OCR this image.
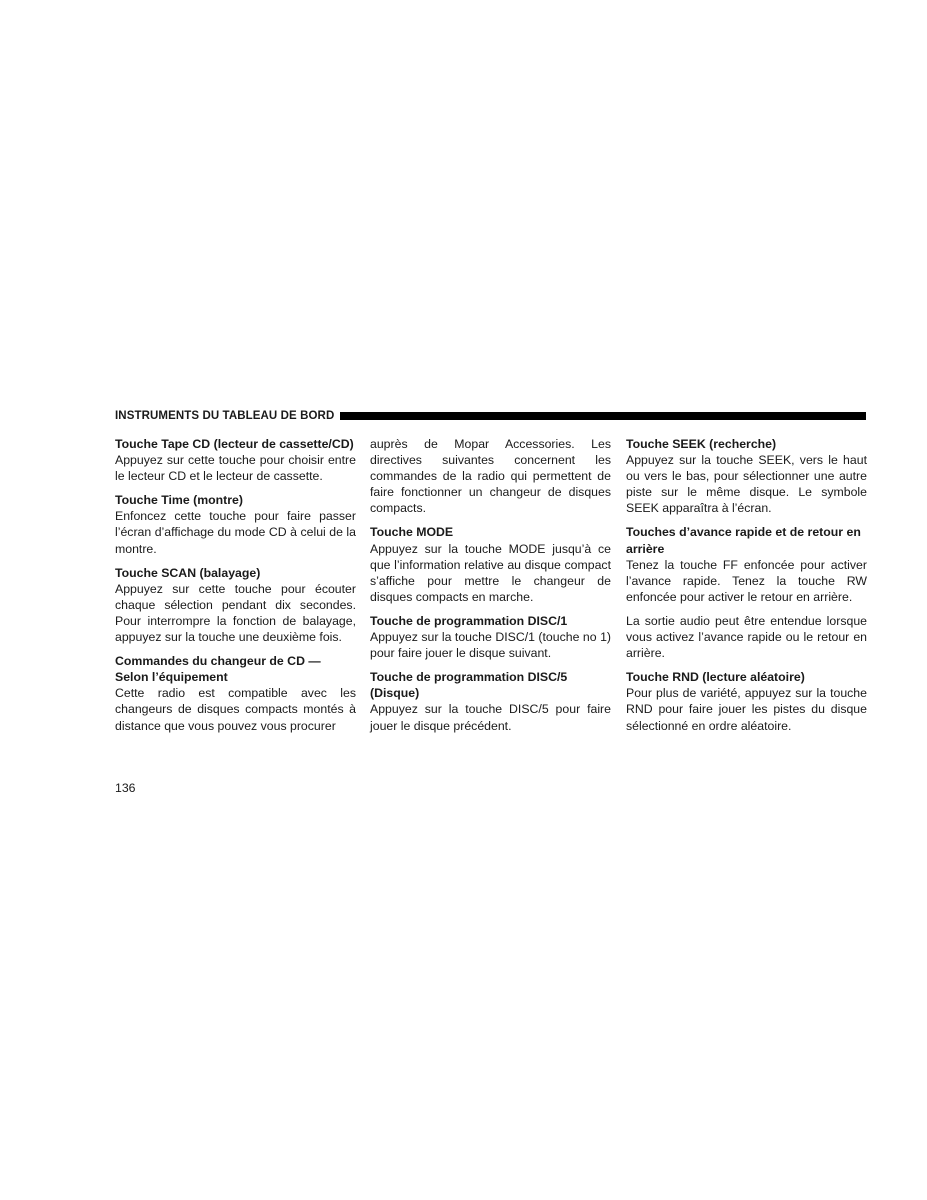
INSTRUMENTS DU TABLEAU DE BORD
Touche Tape CD (lecteur de cassette/CD)

Appuyez sur cette touche pour choisir entre le lecteur CD et le lecteur de cassette.

Touche Time (montre)

Enfoncez cette touche pour faire passer l’écran d’affichage du mode CD à celui de la montre.

Touche SCAN (balayage)

Appuyez sur cette touche pour écouter chaque sélection pendant dix secondes. Pour interrompre la fonction de balayage, appuyez sur la touche une deuxième fois.

Commandes du changeur de CD — Selon l’équipement

Cette radio est compatible avec les changeurs de disques compacts montés à distance que vous pouvez vous procurer

auprès de Mopar Accessories. Les directives suivantes concernent les commandes de la radio qui permettent de faire fonctionner un changeur de disques compacts.

Touche MODE

Appuyez sur la touche MODE jusqu’à ce que l’information relative au disque compact s’affiche pour mettre le changeur de disques compacts en marche.

Touche de programmation DISC/1

Appuyez sur la touche DISC/1 (touche no 1) pour faire jouer le disque suivant.

Touche de programmation DISC/5 (Disque)

Appuyez sur la touche DISC/5 pour faire jouer le disque précédent.

Touche SEEK (recherche)

Appuyez sur la touche SEEK, vers le haut ou vers le bas, pour sélectionner une autre piste sur le même disque. Le symbole SEEK apparaîtra à l’écran.

Touches d’avance rapide et de retour en arrière

Tenez la touche FF enfoncée pour activer l’avance rapide. Tenez la touche RW enfoncée pour activer le retour en arrière.

La sortie audio peut être entendue lorsque vous activez l’avance rapide ou le retour en arrière.

Touche RND (lecture aléatoire)

Pour plus de variété, appuyez sur la touche RND pour faire jouer les pistes du disque sélectionné en ordre aléatoire.

136
